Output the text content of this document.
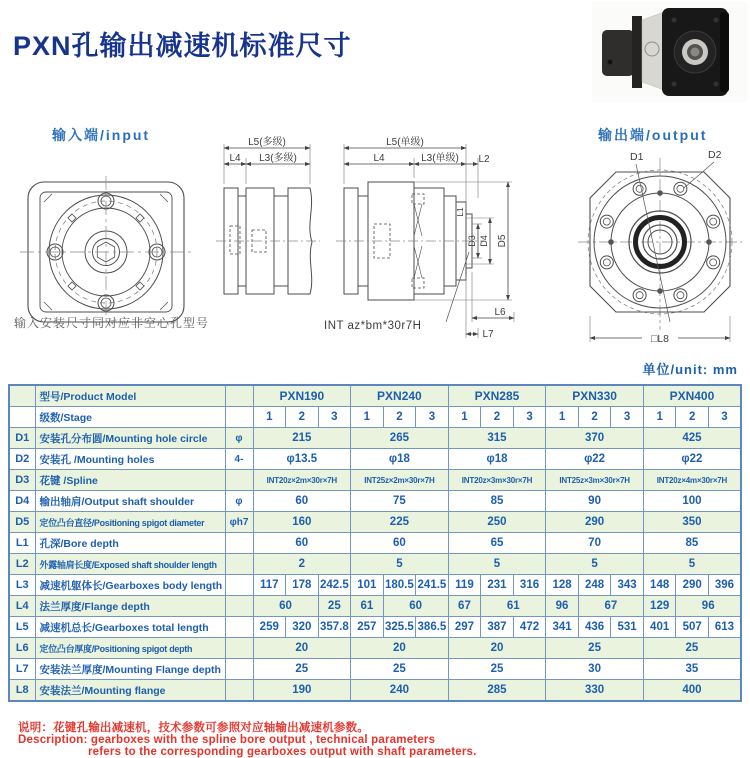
PXN孔输出减速机标准尺寸
输入端/input	输出端/output
输入安装尺寸同对应非空心孔型号
L5(多级)
L4 L3(多级)
L5(单级)
L4	L3(单级) L2
L1
D3 D4 D5
L6
L7
INT az*bm*30r7H
D1	D2
□L8
单位/unit: mm
	型号/Product Model		PXN190			PXN240			PXN285			PXN330			PXN400		
	级数/Stage		1	2	3	1	2	3	1	2	3	1	2	3	1	2	3
D1	安装孔分布圆/Mounting hole circle	φ	215			265			315			370			425		
D2	安装孔 /Mounting holes	4-	φ13.5			φ18			φ18			φ22			φ22		
D3	花键 /Spline		INT20z×2m×30r×7H			INT25z×2m×30r×7H			INT20z×3m×30r×7H			INT25z×3m×30r×7H			INT20z×4m×30r×7H		
D4	输出轴肩/Output shaft shoulder	φ	60			75			85			90			100		
D5	定位凸台直径/Positioning spigot diameter	φh7	160			225			250			290			350		
L1	孔深/Bore depth		60			60			65			70			85		
L2	外露轴肩长度/Exposed shaft shoulder length		2			5			5			5			5		
L3	减速机躯体长/Gearboxes body length		117	178	242.5	101	180.5	241.5	119	231	316	128	248	343	148	290	396
L4	法兰厚度/Flange depth		60		25	61	60		67	61		96	67		129	96	
L5	减速机总长/Gearboxes total length		259	320	357.8	257	325.5	386.5	297	387	472	341	436	531	401	507	613
L6	定位凸台厚度/Positioning spigot depth		20			20			20			25			25		
L7	安装法兰厚度/Mounting Flange depth		25			25			25			30			35		
L8	安装法兰/Mounting flange		190			240			285			330			400		
说明：花键孔输出减速机，技术参数可参照对应轴输出减速机参数。
Description: gearboxes with the spline bore output , technical parameters
refers to the corresponding gearboxes output with shaft parameters.
